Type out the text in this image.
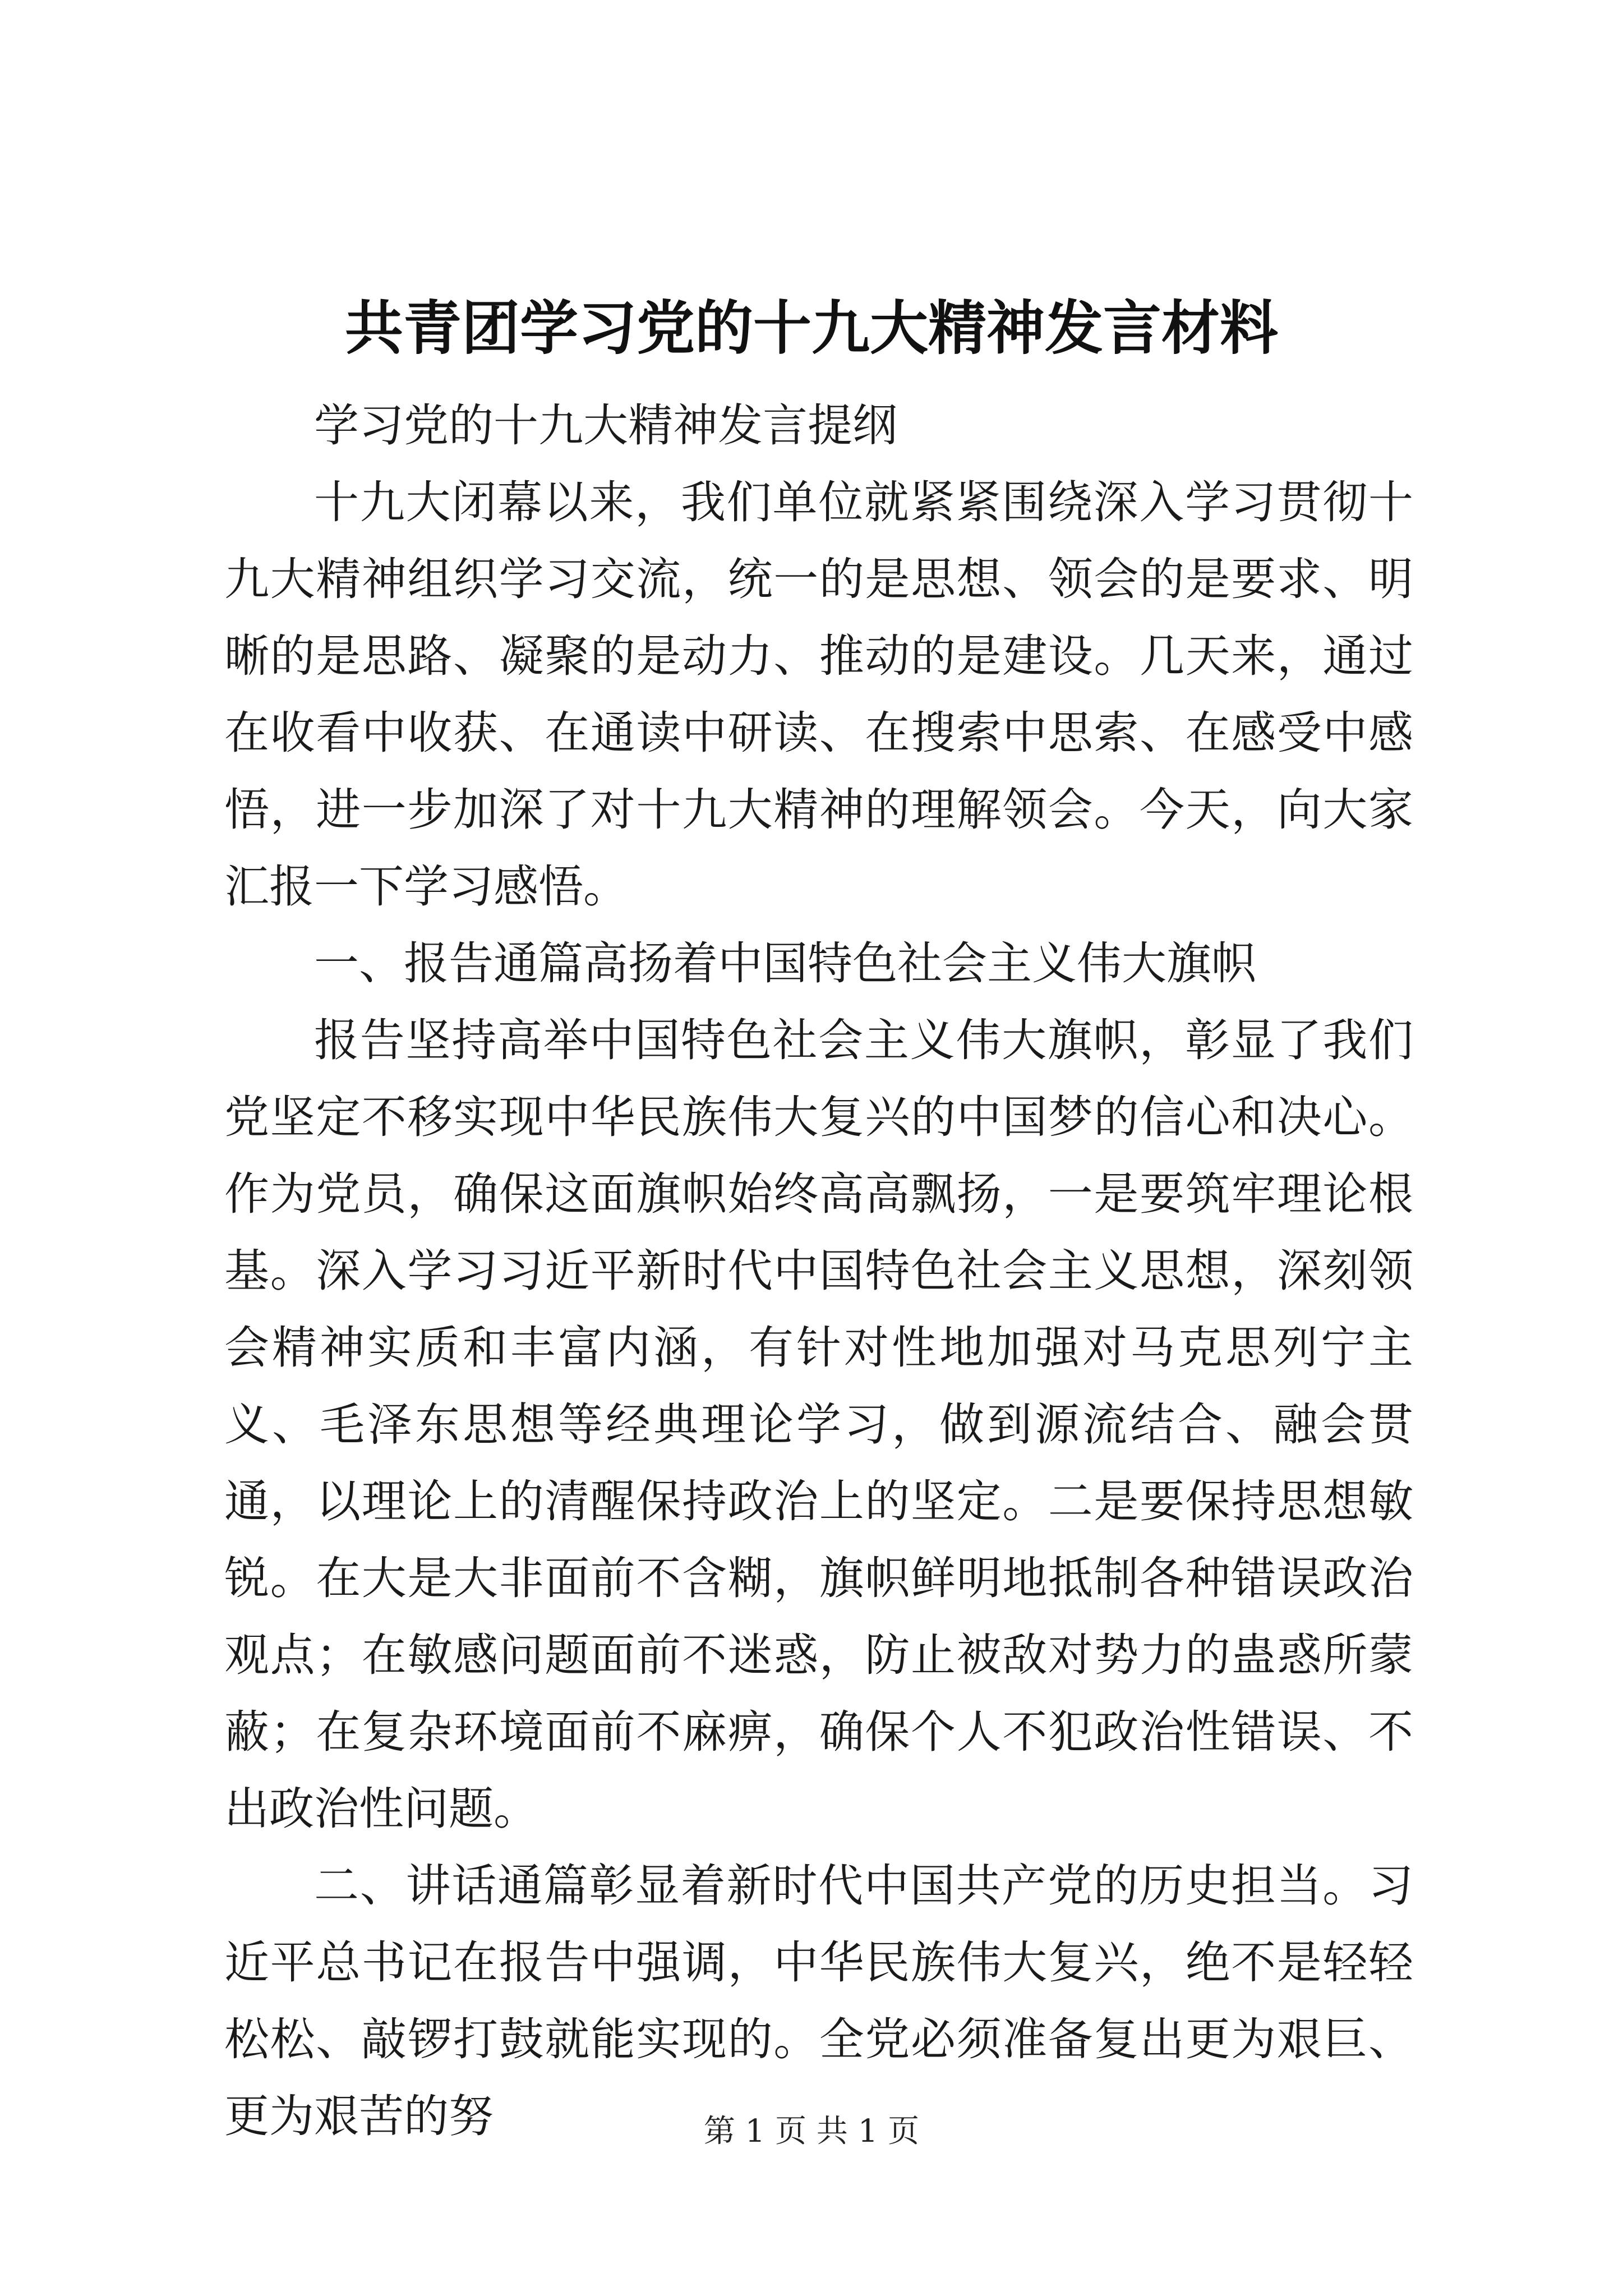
共青团学习党的十九大精神发言材料

学习党的十九大精神发言提纲

十九大闭幕以来，我们单位就紧紧围绕深入学习贯彻十九大精神组织学习交流，统一的是思想、领会的是要求、明晰的是思路、凝聚的是动力、推动的是建设。几天来，通过在收看中收获、在通读中研读、在搜索中思索、在感受中感悟，进一步加深了对十九大精神的理解领会。今天，向大家汇报一下学习感悟。

一、报告通篇高扬着中国特色社会主义伟大旗帜

报告坚持高举中国特色社会主义伟大旗帜，彰显了我们党坚定不移实现中华民族伟大复兴的中国梦的信心和决心。作为党员，确保这面旗帜始终高高飘扬，一是要筑牢理论根基。深入学习习近平新时代中国特色社会主义思想，深刻领会精神实质和丰富内涵，有针对性地加强对马克思列宁主义、毛泽东思想等经典理论学习，做到源流结合、融会贯通，以理论上的清醒保持政治上的坚定。二是要保持思想敏锐。在大是大非面前不含糊，旗帜鲜明地抵制各种错误政治观点；在敏感问题面前不迷惑，防止被敌对势力的蛊惑所蒙蔽；在复杂环境面前不麻痹，确保个人不犯政治性错误、不出政治性问题。

二、讲话通篇彰显着新时代中国共产党的历史担当。习近平总书记在报告中强调，中华民族伟大复兴，绝不是轻轻松松、敲锣打鼓就能实现的。全党必须准备复出更为艰巨、更为艰苦的努	第 1 页 共 1 页
